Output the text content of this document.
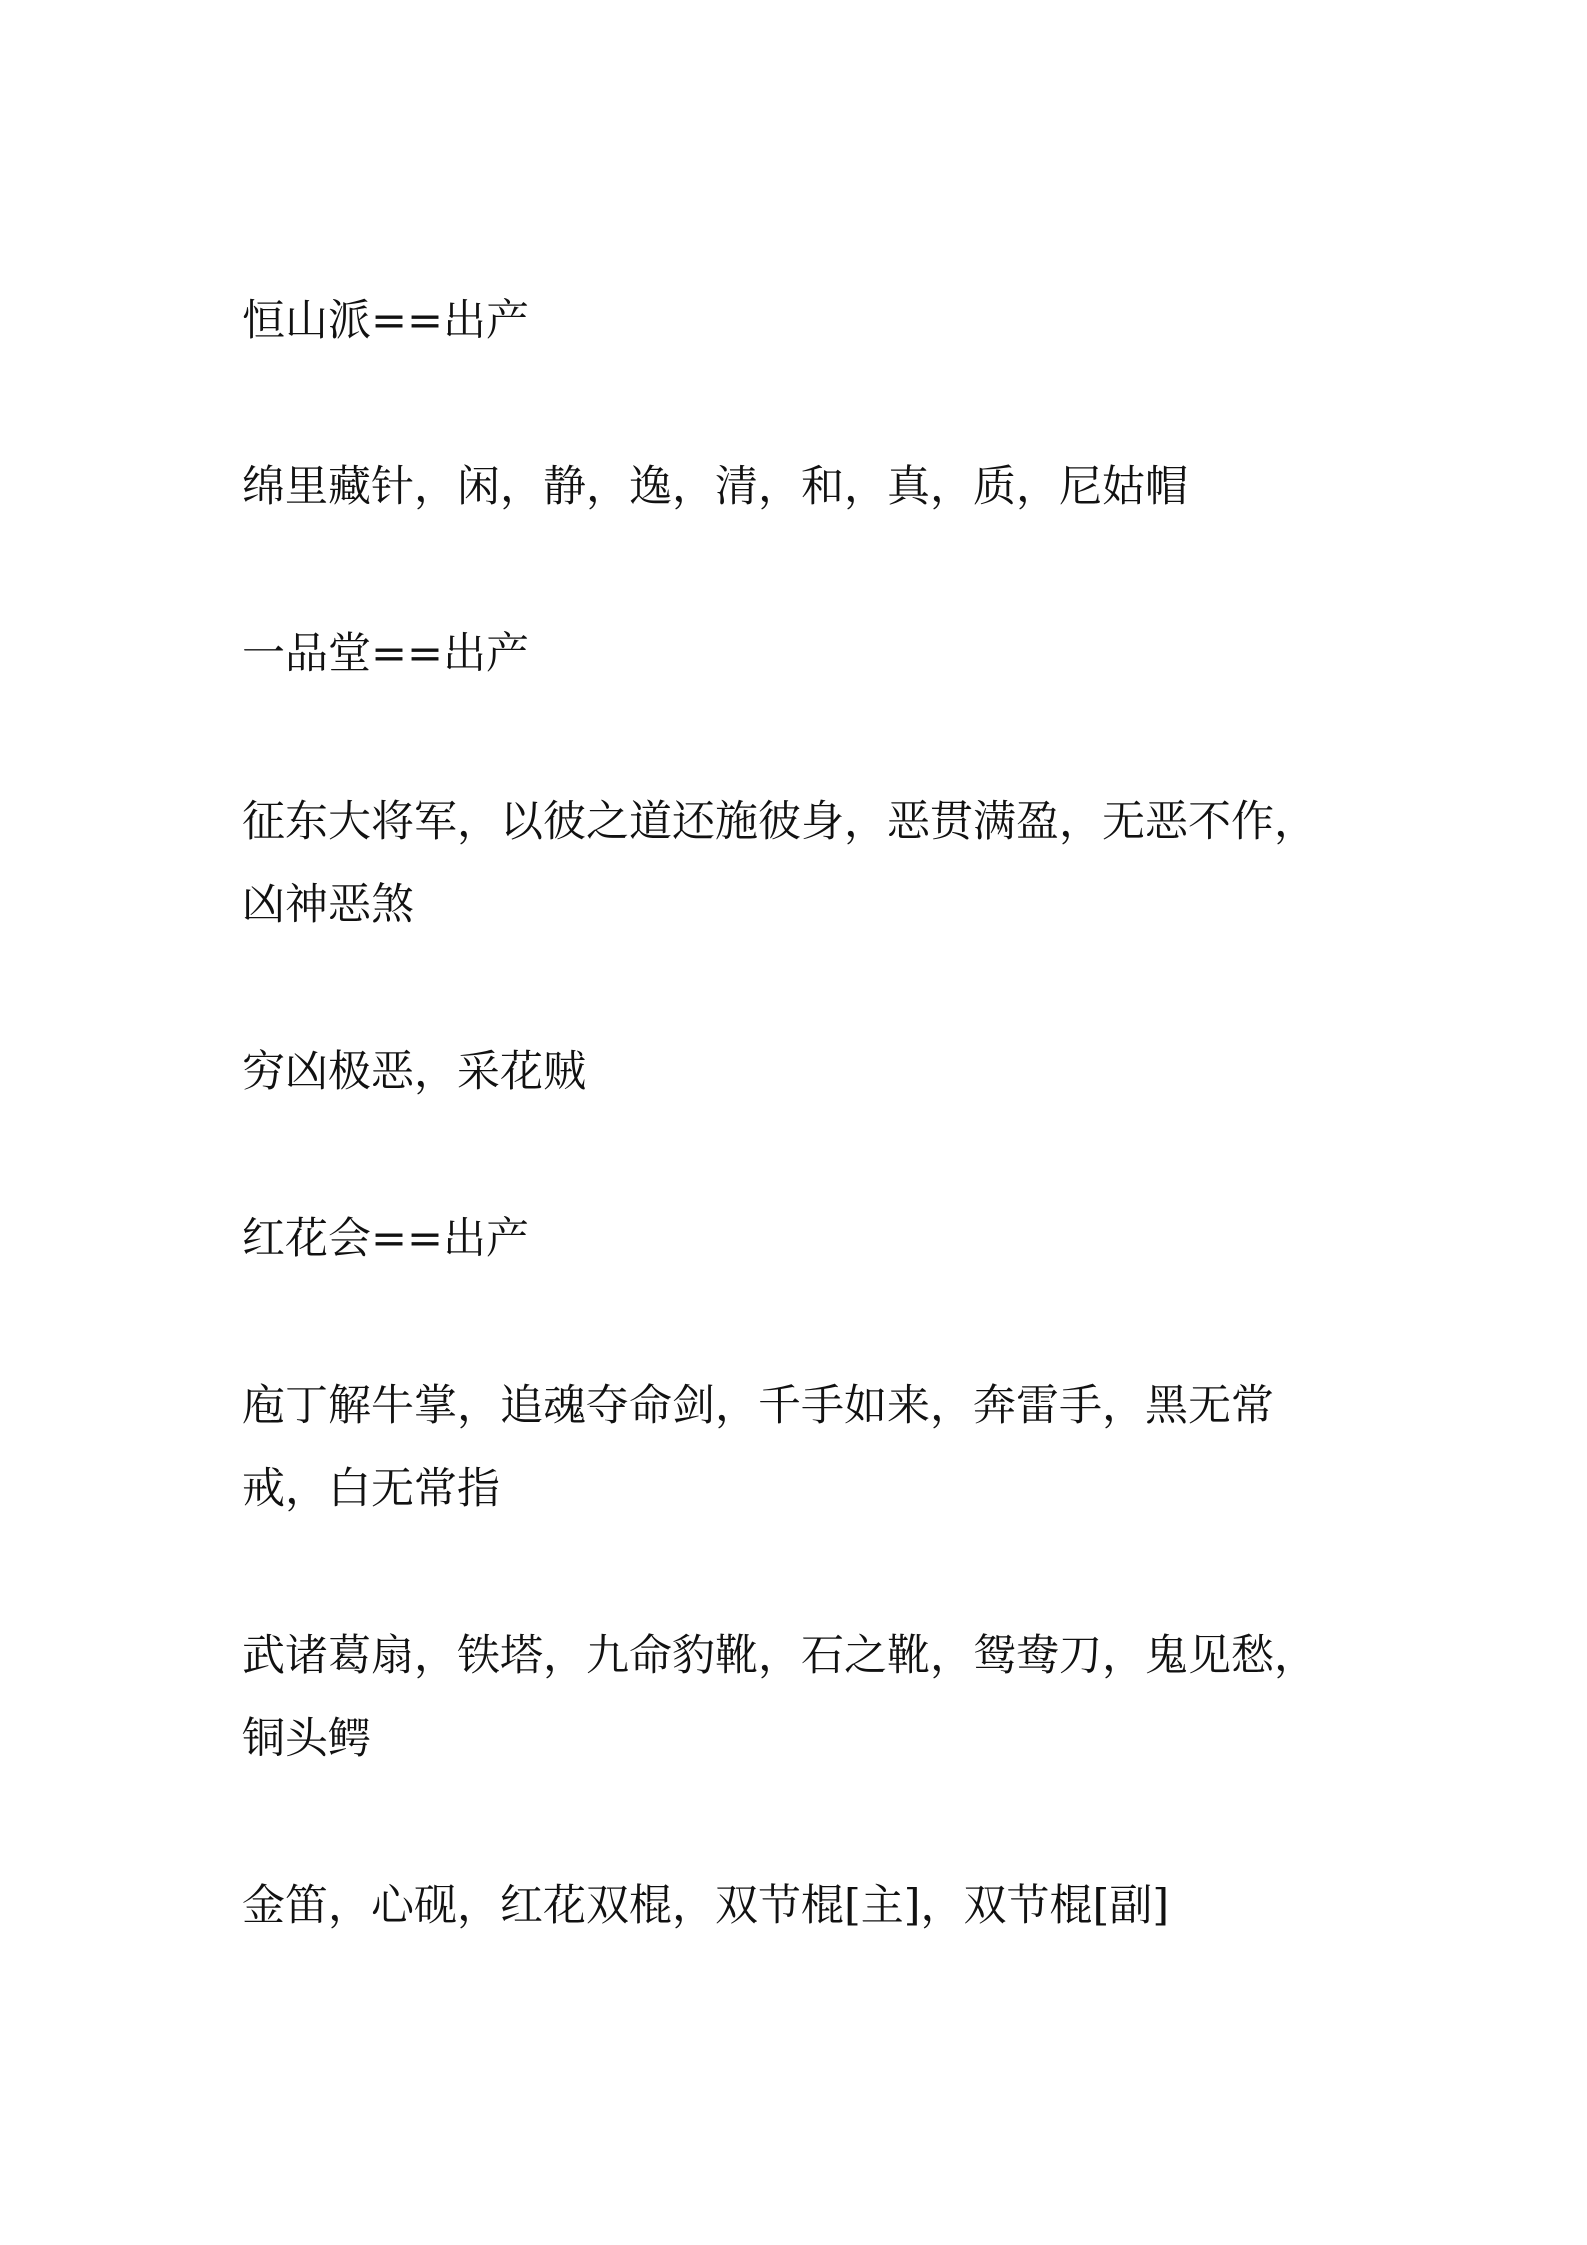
恒山派==出产

绵里藏针，闲，静，逸，清，和，真，质，尼姑帽

一品堂==出产

征东大将军，以彼之道还施彼身，恶贯满盈，无恶不作，凶神恶煞

穷凶极恶，采花贼

红花会==出产

庖丁解牛掌，追魂夺命剑，千手如来，奔雷手，黑无常戒，白无常指

武诸葛扇，铁塔，九命豹靴，石之靴，鸳鸯刀，鬼见愁，铜头鳄

金笛，心砚，红花双棍，双节棍[主]，双节棍[副]
